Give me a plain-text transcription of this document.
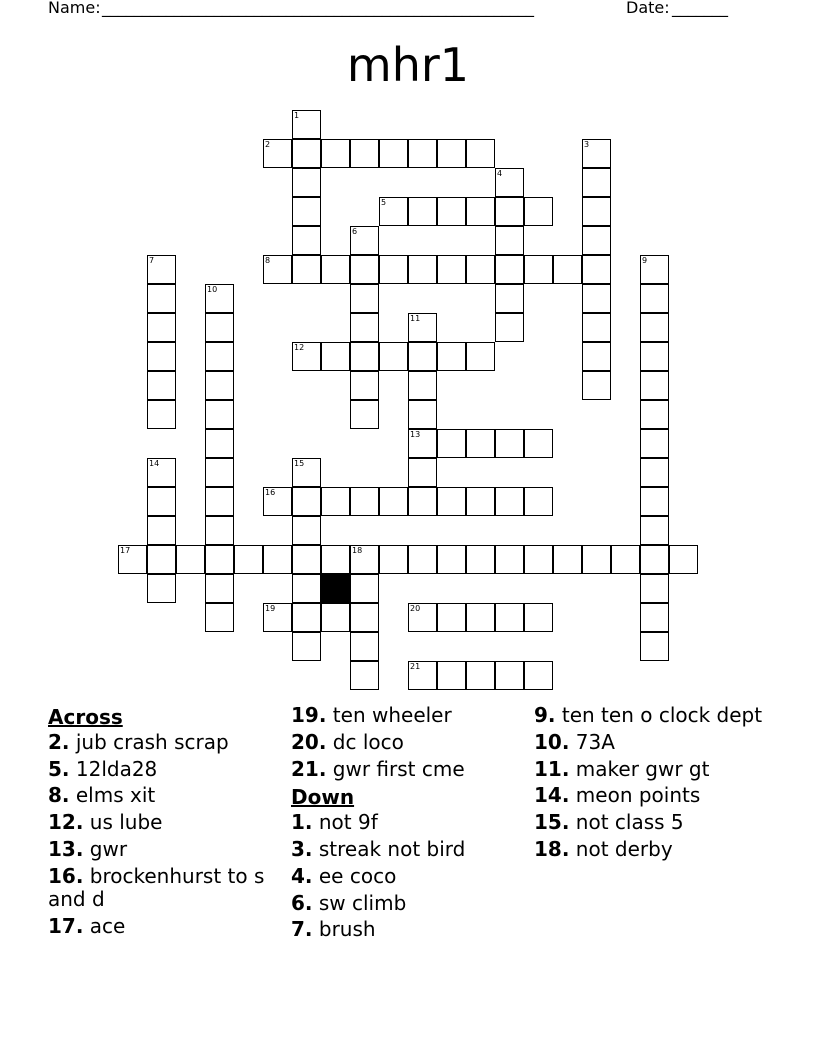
Name: ______________________________________________________	Date: _______
mhr1
1
2	3
4
5
6
7	8	9
10
11
12
13
14	15
16
17	18
19	20
21
Across
2. jub crash scrap
5. 12lda28
8. elms xit
12. us lube
13. gwr
16. brockenhurst to s and d
17. ace
19. ten wheeler
20. dc loco
21. gwr first cme
Down
1. not 9f
3. streak not bird
4. ee coco
6. sw climb
7. brush
9. ten ten o clock dept
10. 73A
11. maker gwr gt
14. meon points
15. not class 5
18. not derby
